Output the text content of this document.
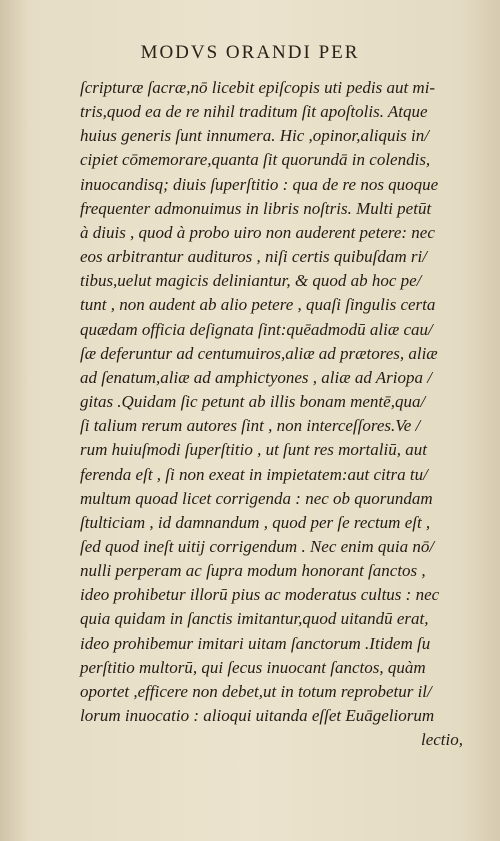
MODVS ORANDI PER
ſcripturæ ſacræ,nō licebit epiſcopis uti pedis aut mi-
tris,quod ea de re nihil traditum ſit apoſtolis. Atque
huius generis ſunt innumera. Hic ,opinor,aliquis in/
cipiet cōmemorare,quanta ſit quorundā in colendis,
inuocandisq; diuis ſuperſtitio : qua de re nos quoque
frequenter admonuimus in libris noſtris. Multi petūt
à diuis , quod à probo uiro non auderent petere: nec
eos arbitrantur audituros , niſi certis quibuſdam ri/
tibus,uelut magicis deliniantur, & quod ab hoc pe/
tunt , non audent ab alio petere , quaſi ſingulis certa
quædam officia deſignata ſint:quēadmodū aliæ cau/
ſæ deferuntur ad centumuiros,aliæ ad prætores, aliæ
ad ſenatum,aliæ ad amphictyones , aliæ ad Ariopa /
gitas .Quidam ſic petunt ab illis bonam mentē,qua/
ſi talium rerum autores ſint , non interceſſores.Ve /
rum huiuſmodi ſuperſtitio , ut ſunt res mortaliū, aut
ferenda eſt , ſi non exeat in impietatem:aut citra tu/
multum quoad licet corrigenda : nec ob quorundam
ſtulticiam , id damnandum , quod per ſe rectum eſt ,
ſed quod ineſt uitij corrigendum . Nec enim quia nō/
nulli perperam ac ſupra modum honorant ſanctos ,
ideo prohibetur illorū pius ac moderatus cultus : nec
quia quidam in ſanctis imitantur,quod uitandū erat,
ideo prohibemur imitari uitam ſanctorum .Itidem ſu
perſtitio multorū, qui ſecus inuocant ſanctos, quàm
oportet ,efficere non debet,ut in totum reprobetur il/
lorum inuocatio : alioqui uitanda eſſet Euāgeliorum
lectio,
